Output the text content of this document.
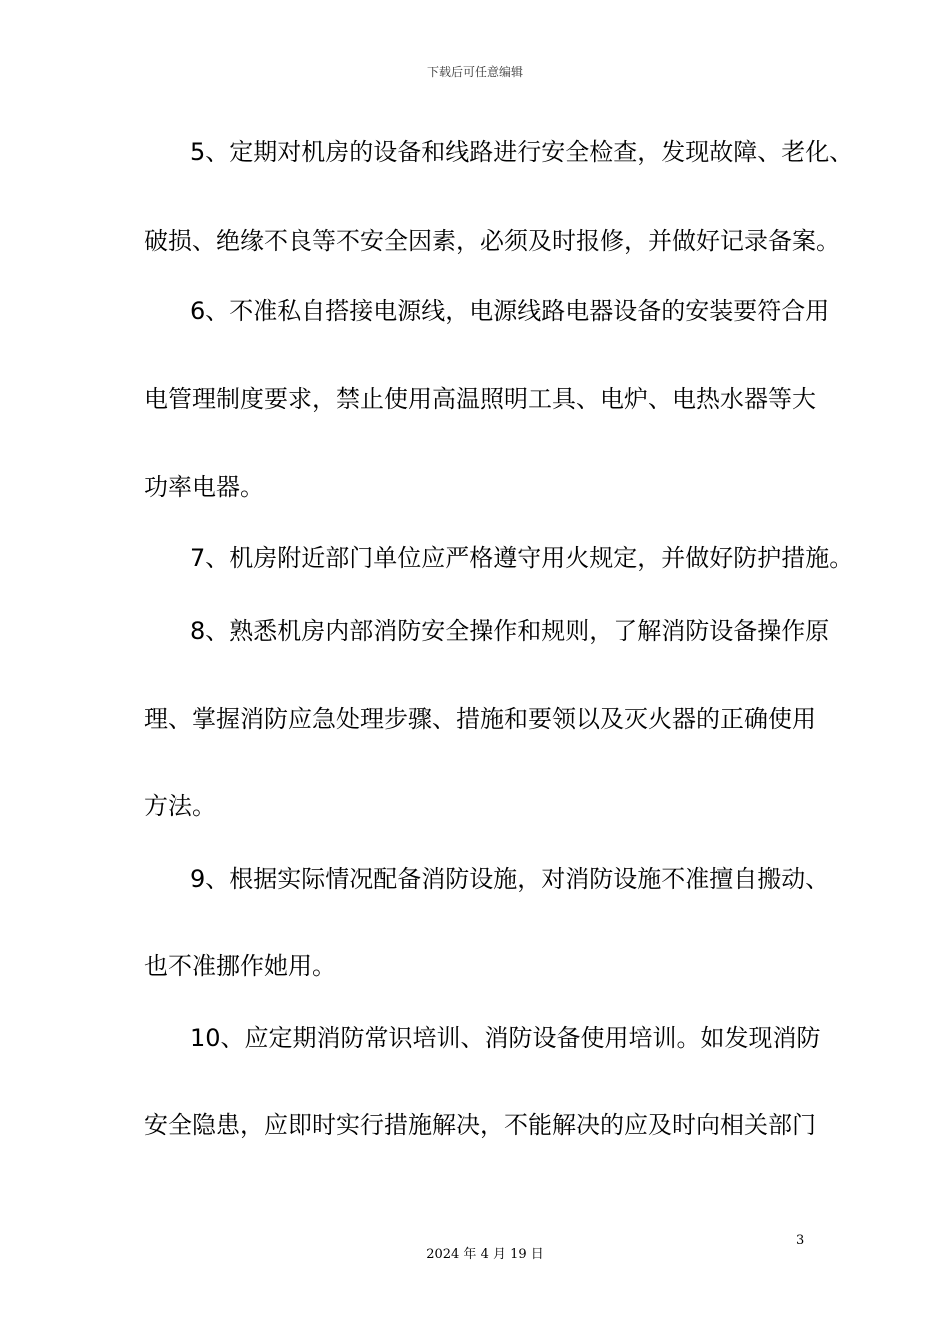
下载后可任意编辑
5、定期对机房的设备和线路进行安全检查，发现故障、老化、
破损、绝缘不良等不安全因素，必须及时报修，并做好记录备案。
6、不准私自搭接电源线，电源线路电器设备的安装要符合用
电管理制度要求，禁止使用高温照明工具、电炉、电热水器等大
功率电器。
7、机房附近部门单位应严格遵守用火规定，并做好防护措施。
8、熟悉机房内部消防安全操作和规则，了解消防设备操作原
理、掌握消防应急处理步骤、措施和要领以及灭火器的正确使用
方法。
9、根据实际情况配备消防设施，对消防设施不准擅自搬动、
也不准挪作她用。
10、应定期消防常识培训、消防设备使用培训。如发现消防
安全隐患，应即时实行措施解决，不能解决的应及时向相关部门
3
2024 年 4 月 19 日
